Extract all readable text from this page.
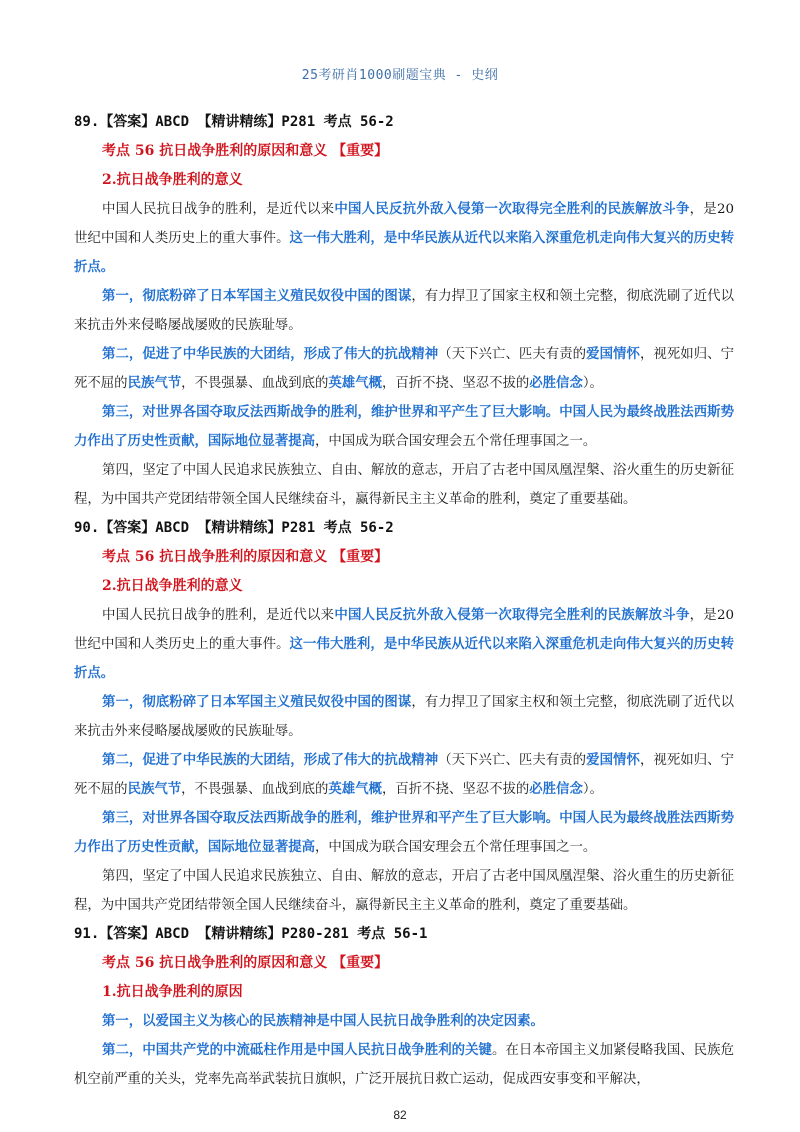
25考研肖1000刷题宝典 - 史纲
89.【答案】ABCD 【精讲精练】P281 考点 56-2
考点 56 抗日战争胜利的原因和意义 【重要】
2.抗日战争胜利的意义

中国人民抗日战争的胜利，是近代以来中国人民反抗外敌入侵第一次取得完全胜利的民族解放斗争，是20世纪中国和人类历史上的重大事件。这一伟大胜利，是中华民族从近代以来陷入深重危机走向伟大复兴的历史转折点。

第一，彻底粉碎了日本军国主义殖民奴役中国的图谋，有力捍卫了国家主权和领土完整，彻底洗刷了近代以来抗击外来侵略屡战屡败的民族耻辱。

第二，促进了中华民族的大团结，形成了伟大的抗战精神（天下兴亡、匹夫有责的爱国情怀，视死如归、宁死不屈的民族气节，不畏强暴、血战到底的英雄气概，百折不挠、坚忍不拔的必胜信念）。

第三，对世界各国夺取反法西斯战争的胜利，维护世界和平产生了巨大影响。中国人民为最终战胜法西斯势力作出了历史性贡献，国际地位显著提高，中国成为联合国安理会五个常任理事国之一。

第四，坚定了中国人民追求民族独立、自由、解放的意志，开启了古老中国凤凰涅槃、浴火重生的历史新征程，为中国共产党团结带领全国人民继续奋斗，赢得新民主主义革命的胜利，奠定了重要基础。

90.【答案】ABCD 【精讲精练】P281 考点 56-2
考点 56 抗日战争胜利的原因和意义 【重要】
2.抗日战争胜利的意义

中国人民抗日战争的胜利，是近代以来中国人民反抗外敌入侵第一次取得完全胜利的民族解放斗争，是20世纪中国和人类历史上的重大事件。这一伟大胜利，是中华民族从近代以来陷入深重危机走向伟大复兴的历史转折点。

第一，彻底粉碎了日本军国主义殖民奴役中国的图谋，有力捍卫了国家主权和领土完整，彻底洗刷了近代以来抗击外来侵略屡战屡败的民族耻辱。

第二，促进了中华民族的大团结，形成了伟大的抗战精神（天下兴亡、匹夫有责的爱国情怀，视死如归、宁死不屈的民族气节，不畏强暴、血战到底的英雄气概，百折不挠、坚忍不拔的必胜信念）。

第三，对世界各国夺取反法西斯战争的胜利，维护世界和平产生了巨大影响。中国人民为最终战胜法西斯势力作出了历史性贡献，国际地位显著提高，中国成为联合国安理会五个常任理事国之一。

第四，坚定了中国人民追求民族独立、自由、解放的意志，开启了古老中国凤凰涅槃、浴火重生的历史新征程，为中国共产党团结带领全国人民继续奋斗，赢得新民主主义革命的胜利，奠定了重要基础。

91.【答案】ABCD 【精讲精练】P280-281 考点 56-1
考点 56 抗日战争胜利的原因和意义 【重要】
1.抗日战争胜利的原因

第一，以爱国主义为核心的民族精神是中国人民抗日战争胜利的决定因素。

第二，中国共产党的中流砥柱作用是中国人民抗日战争胜利的关键。在日本帝国主义加紧侵略我国、民族危机空前严重的关头，党率先高举武装抗日旗帜，广泛开展抗日救亡运动，促成西安事变和平解决，

82
